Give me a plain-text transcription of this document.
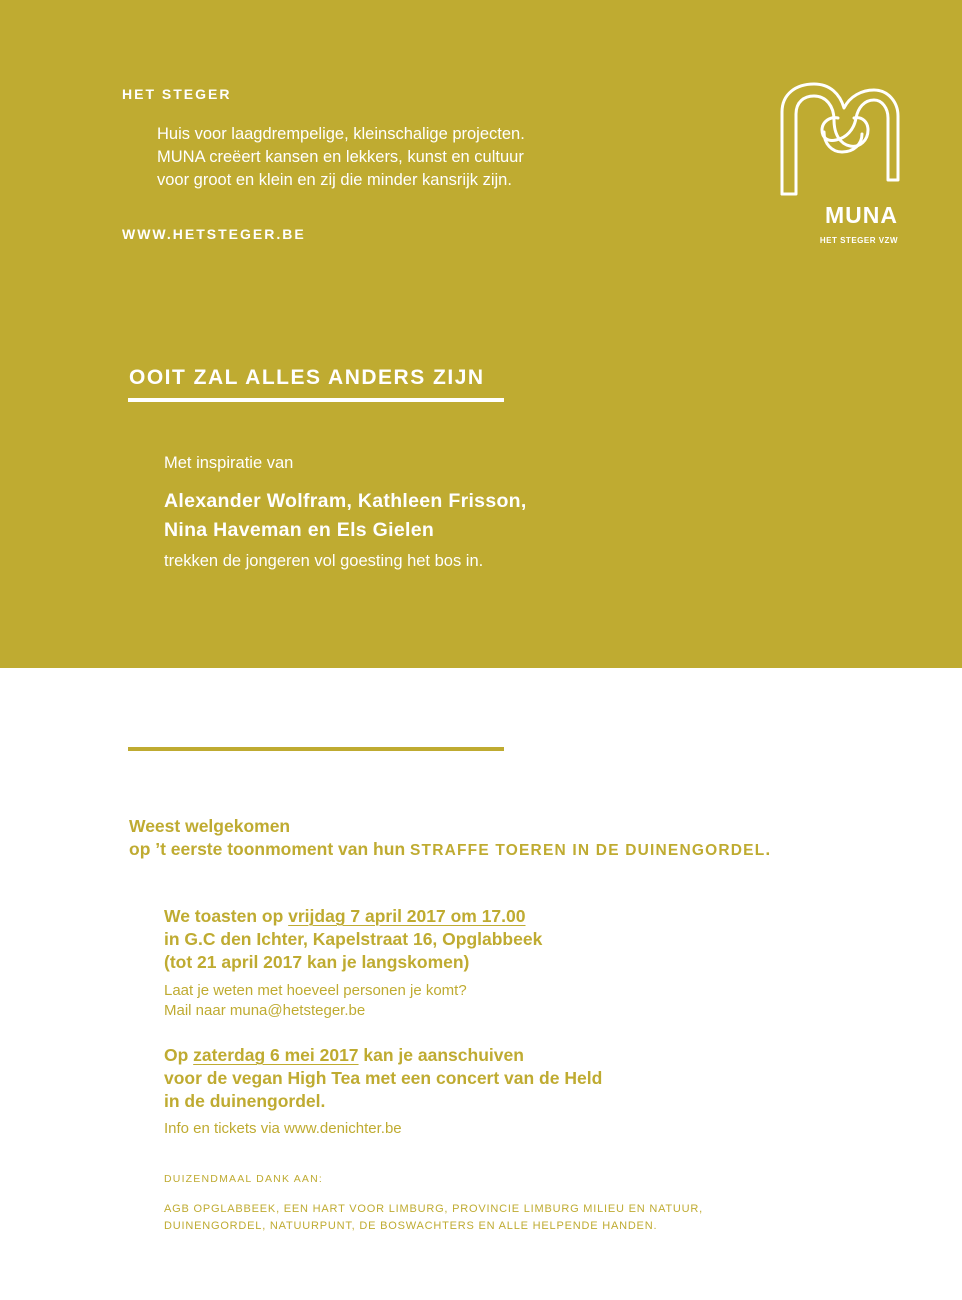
HET STEGER

Huis voor laagdrempelige, kleinschalige projecten.
MUNA creëert kansen en lekkers, kunst en cultuur
voor groot en klein en zij die minder kansrijk zijn.

WWW.HETSTEGER.BE

MUNA

HET STEGER VZW

OOIT ZAL ALLES ANDERS ZIJN

Met inspiratie van

Alexander Wolfram, Kathleen Frisson,
Nina Haveman en Els Gielen

trekken de jongeren vol goesting het bos in.

Weest welgekomen
op ’t eerste toonmoment van hun STRAFFE TOEREN IN DE DUINENGORDEL.
We toasten op vrijdag 7 april 2017 om 17.00
in G.C den Ichter, Kapelstraat 16, Opglabbeek
(tot 21 april 2017 kan je langskomen)

Laat je weten met hoeveel personen je komt?
Mail naar muna@hetsteger.be

Op zaterdag 6 mei 2017 kan je aanschuiven
voor de vegan High Tea met een concert van de Held
in de duinengordel.

Info en tickets via www.denichter.be

DUIZENDMAAL DANK AAN:

AGB OPGLABBEEK, EEN HART VOOR LIMBURG, PROVINCIE LIMBURG MILIEU EN NATUUR,
DUINENGORDEL, NATUURPUNT, DE BOSWACHTERS EN ALLE HELPENDE HANDEN.
